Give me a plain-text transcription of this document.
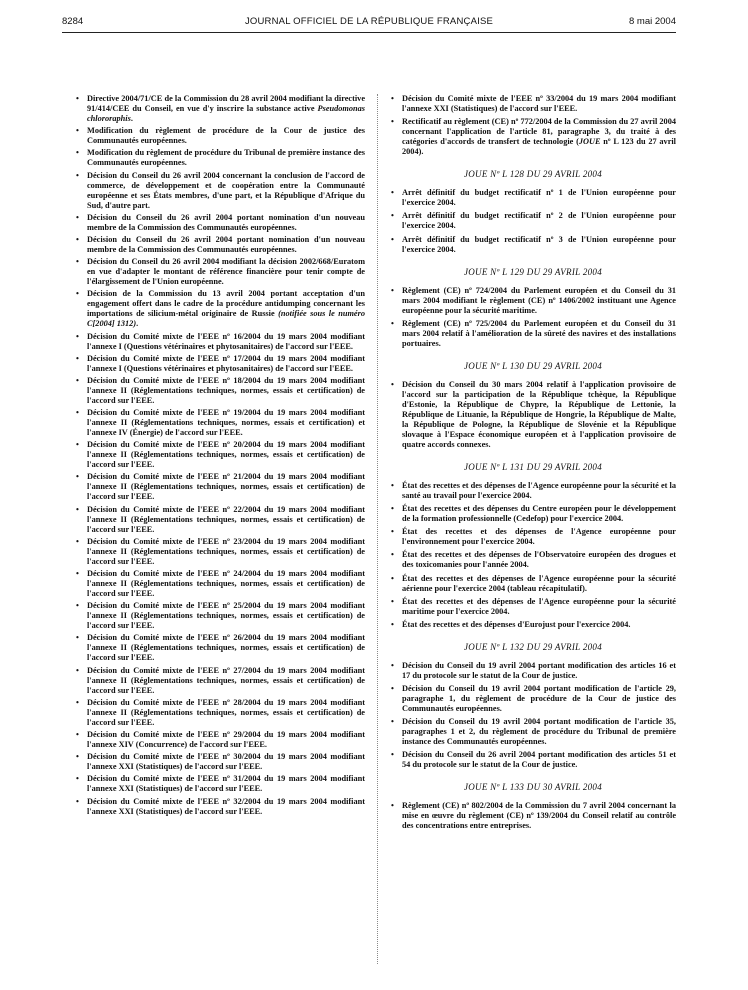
8284	JOURNAL OFFICIEL DE LA RÉPUBLIQUE FRANÇAISE	8 mai 2004
• Directive 2004/71/CE de la Commission du 28 avril 2004 modifiant la directive 91/414/CEE du Conseil, en vue d'y inscrire la substance active Pseudomonas chlororaphis.
• Modification du règlement de procédure de la Cour de justice des Communautés européennes.
• Modification du règlement de procédure du Tribunal de première instance des Communautés européennes.
• Décision du Conseil du 26 avril 2004 concernant la conclusion de l'accord de commerce, de développement et de coopération entre la Communauté européenne et ses États membres, d'une part, et la République d'Afrique du Sud, d'autre part.
• Décision du Conseil du 26 avril 2004 portant nomination d'un nouveau membre de la Commission des Communautés européennes.
• Décision du Conseil du 26 avril 2004 portant nomination d'un nouveau membre de la Commission des Communautés européennes.
• Décision du Conseil du 26 avril 2004 modifiant la décision 2002/668/Euratom en vue d'adapter le montant de référence financière pour tenir compte de l'élargissement de l'Union européenne.
• Décision de la Commission du 13 avril 2004 portant acceptation d'un engagement offert dans le cadre de la procédure antidumping concernant les importations de silicium-métal originaire de Russie (notifiée sous le numéro C[2004] 1312).
• Décision du Comité mixte de l'EEE nº 16/2004 du 19 mars 2004 modifiant l'annexe I (Questions vétérinaires et phytosanitaires) de l'accord sur l'EEE.
• Décision du Comité mixte de l'EEE nº 17/2004 du 19 mars 2004 modifiant l'annexe I (Questions vétérinaires et phytosanitaires) de l'accord sur l'EEE.
• Décision du Comité mixte de l'EEE nº 18/2004 du 19 mars 2004 modifiant l'annexe II (Réglementations techniques, normes, essais et certification) de l'accord sur l'EEE.
• Décision du Comité mixte de l'EEE nº 19/2004 du 19 mars 2004 modifiant l'annexe II (Réglementations techniques, normes, essais et certification) et l'annexe IV (Énergie) de l'accord sur l'EEE.
• Décision du Comité mixte de l'EEE nº 20/2004 du 19 mars 2004 modifiant l'annexe II (Réglementations techniques, normes, essais et certification) de l'accord sur l'EEE.
• Décision du Comité mixte de l'EEE nº 21/2004 du 19 mars 2004 modifiant l'annexe II (Réglementations techniques, normes, essais et certification) de l'accord sur l'EEE.
• Décision du Comité mixte de l'EEE nº 22/2004 du 19 mars 2004 modifiant l'annexe II (Réglementations techniques, normes, essais et certification) de l'accord sur l'EEE.
• Décision du Comité mixte de l'EEE nº 23/2004 du 19 mars 2004 modifiant l'annexe II (Réglementations techniques, normes, essais et certification) de l'accord sur l'EEE.
• Décision du Comité mixte de l'EEE nº 24/2004 du 19 mars 2004 modifiant l'annexe II (Réglementations techniques, normes, essais et certification) de l'accord sur l'EEE.
• Décision du Comité mixte de l'EEE nº 25/2004 du 19 mars 2004 modifiant l'annexe II (Réglementations techniques, normes, essais et certification) de l'accord sur l'EEE.
• Décision du Comité mixte de l'EEE nº 26/2004 du 19 mars 2004 modifiant l'annexe II (Réglementations techniques, normes, essais et certification) de l'accord sur l'EEE.
• Décision du Comité mixte de l'EEE nº 27/2004 du 19 mars 2004 modifiant l'annexe II (Réglementations techniques, normes, essais et certification) de l'accord sur l'EEE.
• Décision du Comité mixte de l'EEE nº 28/2004 du 19 mars 2004 modifiant l'annexe II (Réglementations techniques, normes, essais et certification) de l'accord sur l'EEE.
• Décision du Comité mixte de l'EEE nº 29/2004 du 19 mars 2004 modifiant l'annexe XIV (Concurrence) de l'accord sur l'EEE.
• Décision du Comité mixte de l'EEE nº 30/2004 du 19 mars 2004 modifiant l'annexe XXI (Statistiques) de l'accord sur l'EEE.
• Décision du Comité mixte de l'EEE nº 31/2004 du 19 mars 2004 modifiant l'annexe XXI (Statistiques) de l'accord sur l'EEE.
• Décision du Comité mixte de l'EEE nº 32/2004 du 19 mars 2004 modifiant l'annexe XXI (Statistiques) de l'accord sur l'EEE.
• Décision du Comité mixte de l'EEE nº 33/2004 du 19 mars 2004 modifiant l'annexe XXI (Statistiques) de l'accord sur l'EEE.
• Rectificatif au règlement (CE) nº 772/2004 de la Commission du 27 avril 2004 concernant l'application de l'article 81, paragraphe 3, du traité à des catégories d'accords de transfert de technologie (JOUE nº L 123 du 27 avril 2004).
JOUE Nº L 128 DU 29 AVRIL 2004
• Arrêt définitif du budget rectificatif nº 1 de l'Union européenne pour l'exercice 2004.
• Arrêt définitif du budget rectificatif nº 2 de l'Union européenne pour l'exercice 2004.
• Arrêt définitif du budget rectificatif nº 3 de l'Union européenne pour l'exercice 2004.
JOUE Nº L 129 DU 29 AVRIL 2004
• Règlement (CE) nº 724/2004 du Parlement européen et du Conseil du 31 mars 2004 modifiant le règlement (CE) nº 1406/2002 instituant une Agence européenne pour la sécurité maritime.
• Règlement (CE) nº 725/2004 du Parlement européen et du Conseil du 31 mars 2004 relatif à l'amélioration de la sûreté des navires et des installations portuaires.
JOUE Nº L 130 DU 29 AVRIL 2004
• Décision du Conseil du 30 mars 2004 relatif à l'application provisoire de l'accord sur la participation de la République tchèque, la République d'Estonie, la République de Chypre, la République de Lettonie, la République de Lituanie, la République de Hongrie, la République de Malte, la République de Pologne, la République de Slovénie et la République slovaque à l'Espace économique européen et à l'application provisoire de quatre accords connexes.
JOUE Nº L 131 DU 29 AVRIL 2004
• État des recettes et des dépenses de l'Agence européenne pour la sécurité et la santé au travail pour l'exercice 2004.
• État des recettes et des dépenses du Centre européen pour le développement de la formation professionnelle (Cedefop) pour l'exercice 2004.
• État des recettes et des dépenses de l'Agence européenne pour l'environnement pour l'exercice 2004.
• État des recettes et des dépenses de l'Observatoire européen des drogues et des toxicomanies pour l'année 2004.
• État des recettes et des dépenses de l'Agence européenne pour la sécurité aérienne pour l'exercice 2004 (tableau récapitulatif).
• État des recettes et des dépenses de l'Agence européenne pour la sécurité maritime pour l'exercice 2004.
• État des recettes et des dépenses d'Eurojust pour l'exercice 2004.
JOUE Nº L 132 DU 29 AVRIL 2004
• Décision du Conseil du 19 avril 2004 portant modification des articles 16 et 17 du protocole sur le statut de la Cour de justice.
• Décision du Conseil du 19 avril 2004 portant modification de l'article 29, paragraphe 1, du règlement de procédure de la Cour de justice des Communautés européennes.
• Décision du Conseil du 19 avril 2004 portant modification de l'article 35, paragraphes 1 et 2, du règlement de procédure du Tribunal de première instance des Communautés européennes.
• Décision du Conseil du 26 avril 2004 portant modification des articles 51 et 54 du protocole sur le statut de la Cour de justice.
JOUE Nº L 133 DU 30 AVRIL 2004
• Règlement (CE) nº 802/2004 de la Commission du 7 avril 2004 concernant la mise en œuvre du règlement (CE) nº 139/2004 du Conseil relatif au contrôle des concentrations entre entreprises.
